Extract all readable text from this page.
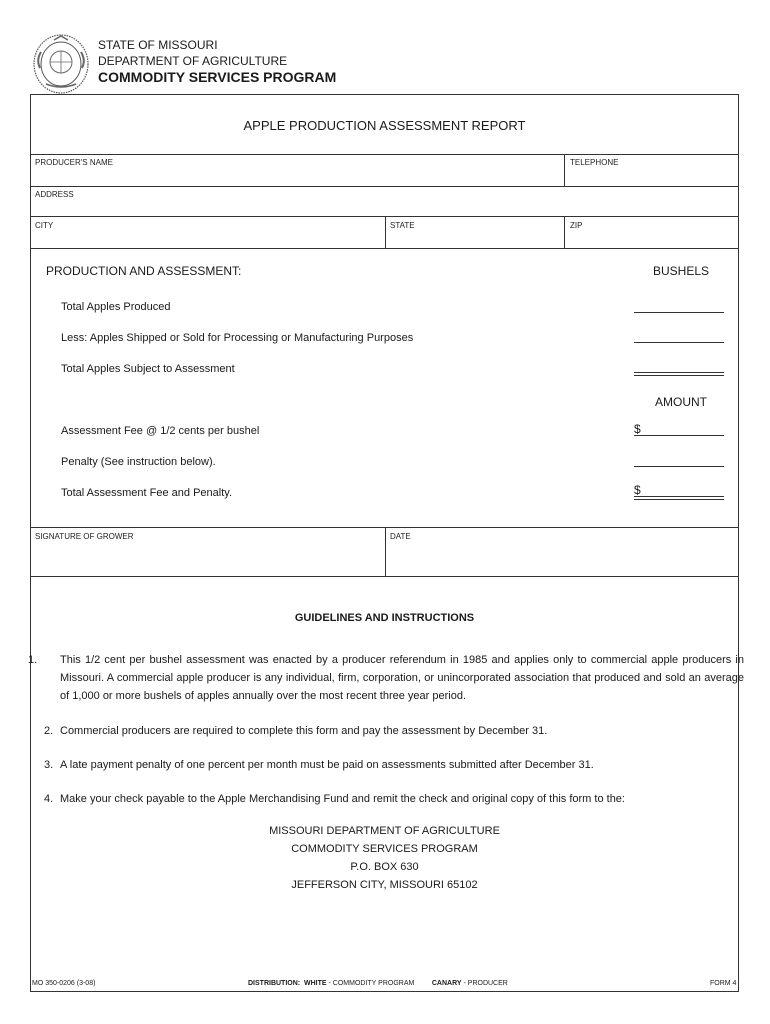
STATE OF MISSOURI
DEPARTMENT OF AGRICULTURE
COMMODITY SERVICES PROGRAM
APPLE PRODUCTION ASSESSMENT REPORT
PRODUCER'S NAME	TELEPHONE
ADDRESS
CITY	STATE	ZIP
PRODUCTION AND ASSESSMENT:	BUSHELS
Total Apples Produced
Less: Apples Shipped or Sold for Processing or Manufacturing Purposes
Total Apples Subject to Assessment
AMOUNT
Assessment Fee @ 1/2 cents per bushel	$
Penalty (See instruction below).
Total Assessment Fee and Penalty.	$
SIGNATURE OF GROWER	DATE
GUIDELINES AND INSTRUCTIONS
1. This 1/2 cent per bushel assessment was enacted by a producer referendum in 1985 and applies only to commercial apple producers in Missouri. A commercial apple producer is any individual, firm, corporation, or unincorporated association that produced and sold an average of 1,000 or more bushels of apples annually over the most recent three year period.
2. Commercial producers are required to complete this form and pay the assessment by December 31.
3. A late payment penalty of one percent per month must be paid on assessments submitted after December 31.
4. Make your check payable to the Apple Merchandising Fund and remit the check and original copy of this form to the:
MISSOURI DEPARTMENT OF AGRICULTURE
COMMODITY SERVICES PROGRAM
P.O. BOX 630
JEFFERSON CITY, MISSOURI 65102
MO 350-0206 (3-08)	DISTRIBUTION: WHITE - COMMODITY PROGRAM	CANARY - PRODUCER	FORM 4
